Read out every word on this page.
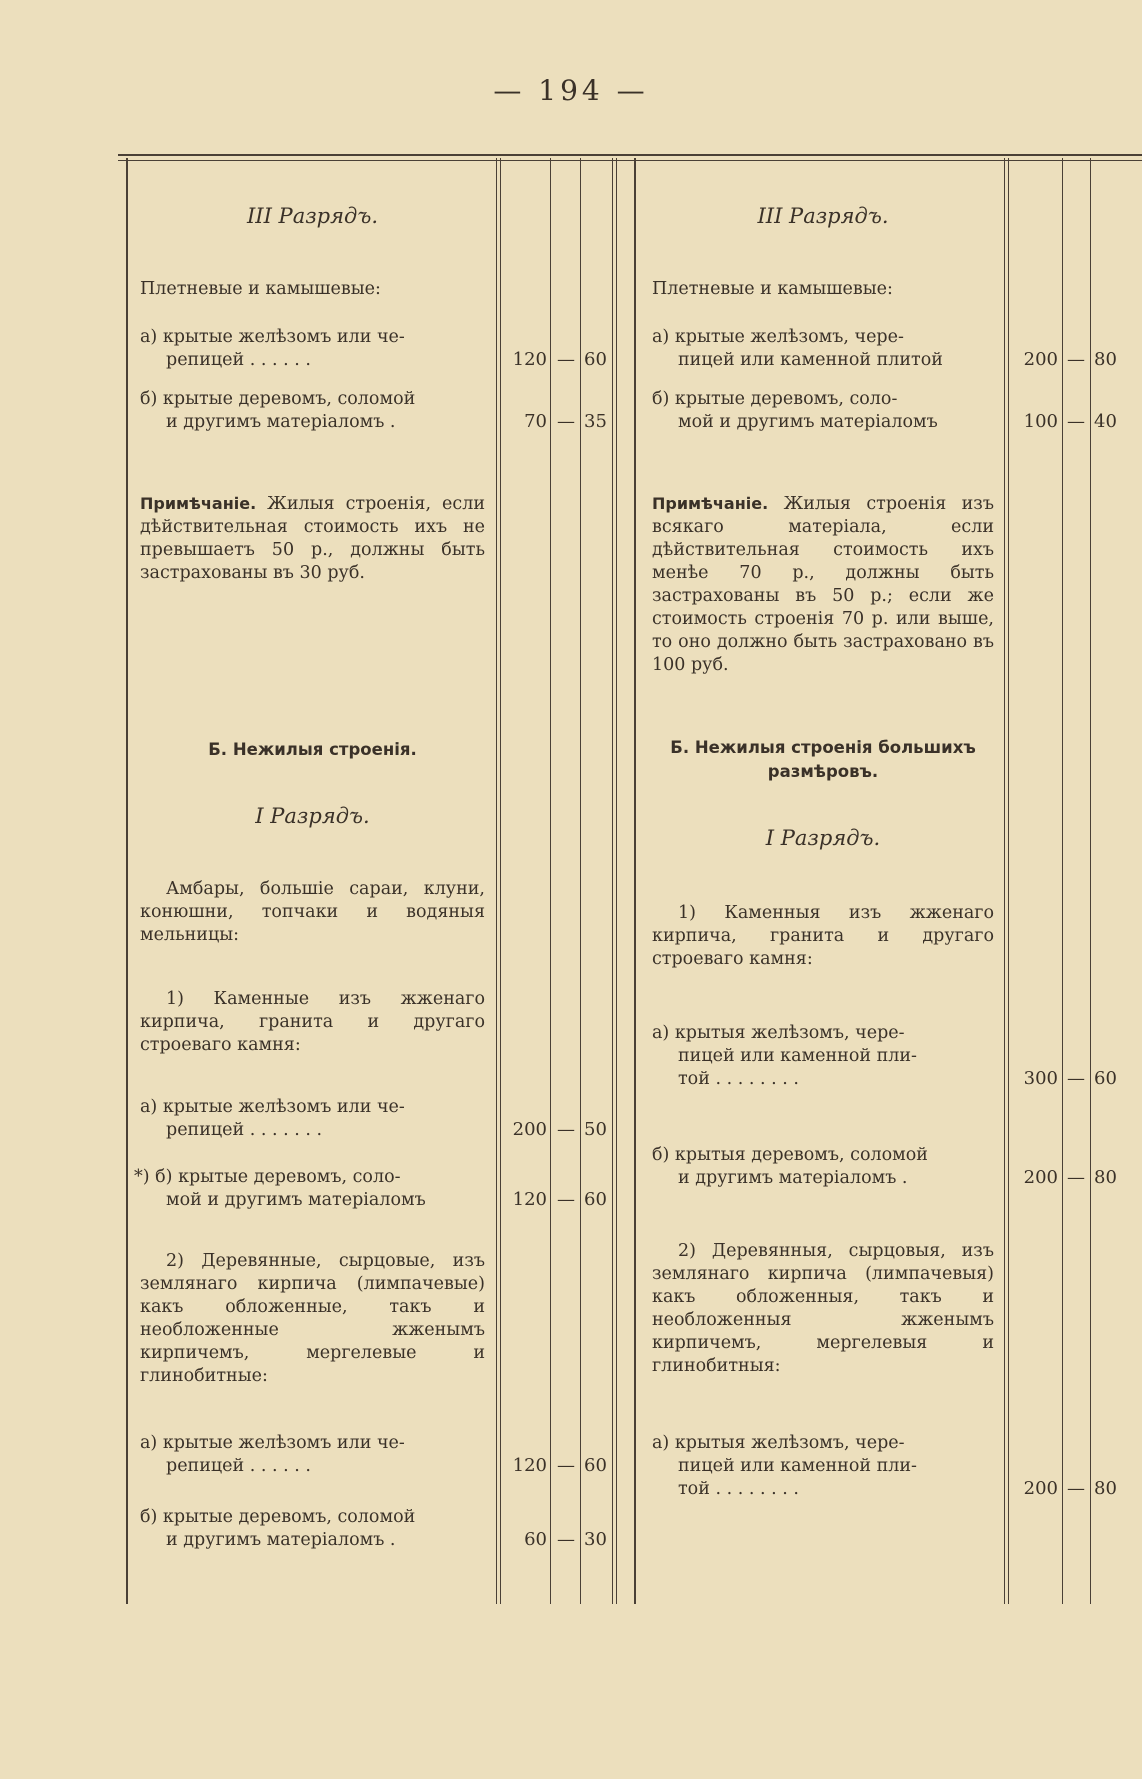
— 194 —

III Разрядъ.

Плетневые и камышевые:
а) крытые желѣзомъ или че-
репицей . . . . . .
б) крытые деревомъ, соломой
и другимъ матеріаломъ .
Примѣчаніе. Жилыя строенія, если дѣйствительная стоимость ихъ не превышаетъ 50 р., должны быть застрахованы въ 30 руб.
Б. Нежилыя строенія.

I Разрядъ.

Амбары, большіе сараи, клуни, конюшни, топчаки и водяныя мельницы:
1) Каменные изъ жженаго кирпича, гранита и другаго строеваго камня:
а) крытые желѣзомъ или че-
репицей . . . . . . .
*) б) крытые деревомъ, соло-
мой и другимъ матеріаломъ
2) Деревянные, сырцовые, изъ землянаго кирпича (лимпачевые) какъ обложенные, такъ и необложенные жженымъ кирпичемъ, мергелевые и глинобитные:
а) крытые желѣзомъ или че-
репицей . . . . . .
б) крытые деревомъ, соломой
и другимъ матеріаломъ .
120 — 60
70 — 35
200 — 50
120 — 60
120 — 60
60 — 30

III Разрядъ.

Плетневые и камышевые:
а) крытые желѣзомъ, чере-
пицей или каменной плитой
б) крытые деревомъ, соло-
мой и другимъ матеріаломъ
Примѣчаніе. Жилыя строенія изъ всякаго матеріала, если дѣйствительная стоимость ихъ менѣе 70 р., должны быть застрахованы въ 50 р.; если же стоимость строенія 70 р. или выше, то оно должно быть застраховано въ 100 руб.
Б. Нежилыя строенія большихъ размѣровъ.

I Разрядъ.

1) Каменныя изъ жженаго кирпича, гранита и другаго строеваго камня:
а) крытыя желѣзомъ, чере-
пицей или каменной пли-
той . . . . . . . .
б) крытыя деревомъ, соломой
и другимъ матеріаломъ .
2) Деревянныя, сырцовыя, изъ землянаго кирпича (лимпачевыя) какъ обложенныя, такъ и необложенныя жженымъ кирпичемъ, мергелевыя и глинобитныя:
а) крытыя желѣзомъ, чере-
пицей или каменной пли-
той . . . . . . . .
200 — 80
100 — 40
300 — 60
200 — 80
200 — 80
